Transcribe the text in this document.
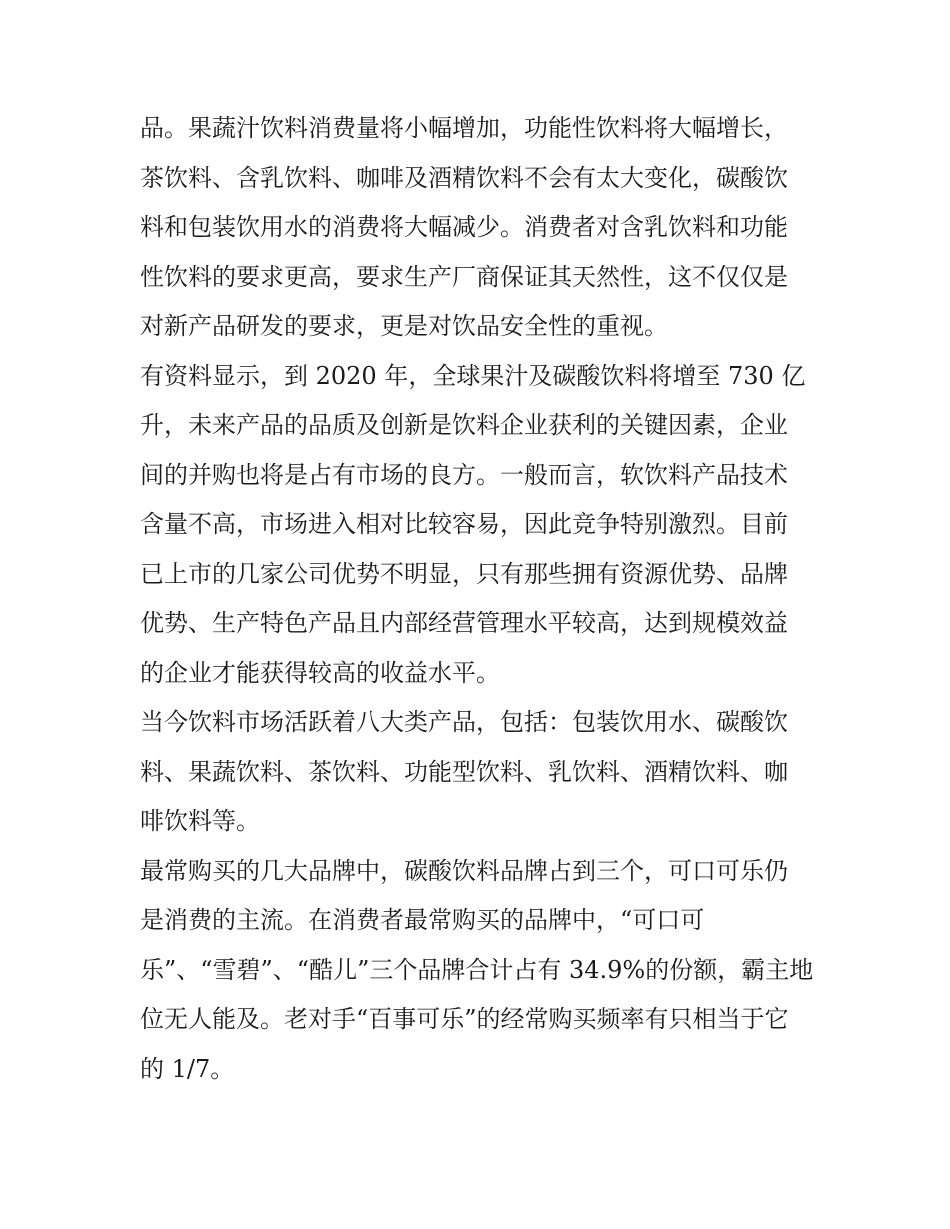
品。果蔬汁饮料消费量将小幅增加，功能性饮料将大幅增长，
茶饮料、含乳饮料、咖啡及酒精饮料不会有太大变化，碳酸饮
料和包装饮用水的消费将大幅减少。消费者对含乳饮料和功能
性饮料的要求更高，要求生产厂商保证其天然性，这不仅仅是
对新产品研发的要求，更是对饮品安全性的重视。

有资料显示，到 2020 年，全球果汁及碳酸饮料将增至 730 亿
升，未来产品的品质及创新是饮料企业获利的关键因素，企业
间的并购也将是占有市场的良方。一般而言，软饮料产品技术
含量不高，市场进入相对比较容易，因此竞争特别激烈。目前
已上市的几家公司优势不明显，只有那些拥有资源优势、品牌
优势、生产特色产品且内部经营管理水平较高，达到规模效益
的企业才能获得较高的收益水平。

当今饮料市场活跃着八大类产品，包括：包装饮用水、碳酸饮
料、果蔬饮料、茶饮料、功能型饮料、乳饮料、酒精饮料、咖
啡饮料等。

最常购买的几大品牌中，碳酸饮料品牌占到三个，可口可乐仍
是消费的主流。在消费者最常购买的品牌中，“可口可
乐”、“雪碧”、“酷儿”三个品牌合计占有 34.9%的份额，霸主地
位无人能及。老对手“百事可乐”的经常购买频率有只相当于它
的 1/7。
